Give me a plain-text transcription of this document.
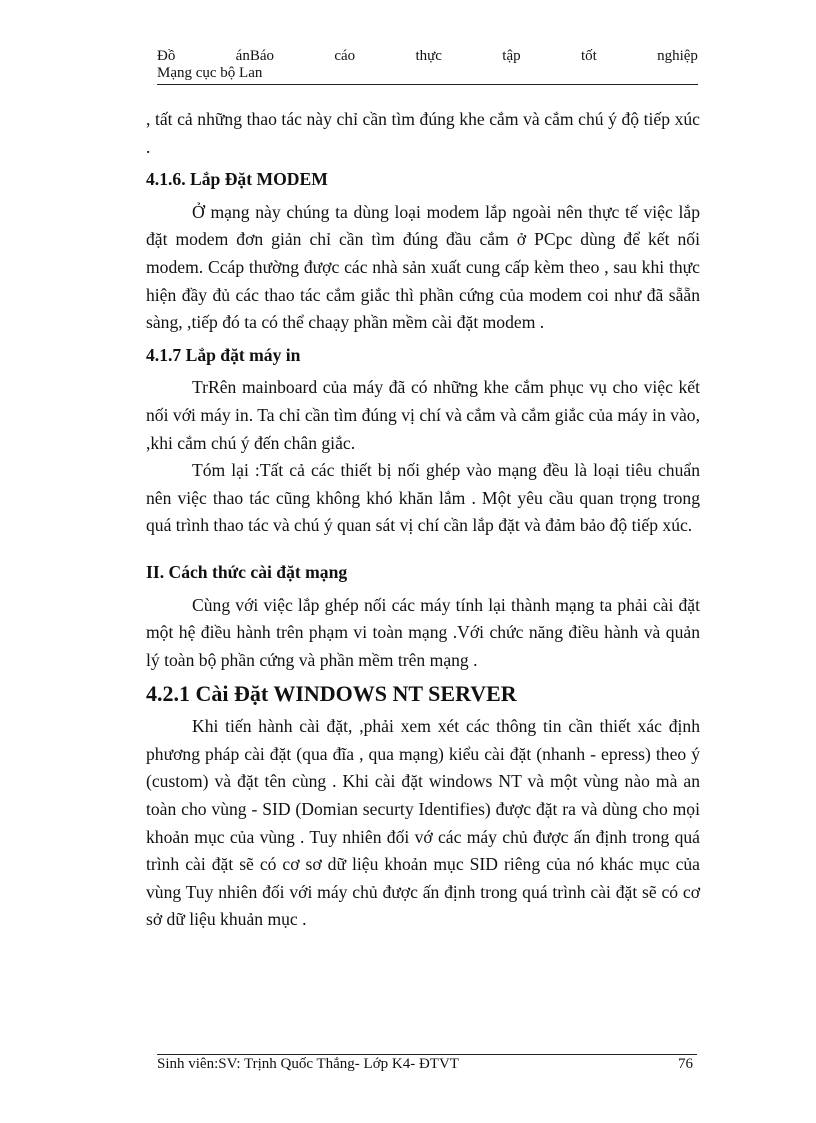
Đồ	ánBáo	cáo	thực	tập	tốt	nghiệp
Mạng cục bộ Lan

, tất cả những thao tác này chỉ cần tìm đúng khe cắm và cắm chú ý độ tiếp xúc .

4.1.6. Lắp Đặt MODEM

Ở mạng này chúng ta dùng loại modem lắp ngoài nên thực tế việc lắp đặt modem đơn giản chỉ cần tìm đúng đầu cắm ở PCpc dùng để kết nối modem. Ccáp thường được các nhà sản xuất cung cấp kèm theo , sau khi thực hiện đầy đủ các thao tác cắm giắc thì phần cứng của modem coi như đã sẵẵn sàng, ,tiếp đó ta có thể chaạy phần mềm cài đặt modem .

4.1.7 Lắp đặt máy in

TrRên mainboard của máy đã có những khe cắm phục vụ cho việc kết nối với máy in. Ta chỉ cần tìm đúng vị chí và cắm và cắm giắc của máy in vào, ,khi cắm chú ý đến chân giắc.

Tóm lại :Tất cả các thiết bị nối ghép vào mạng đều là loại tiêu chuẩn nên việc thao tác cũng không khó khăn lắm . Một yêu cầu quan trọng trong quá trình thao tác và chú ý quan sát vị chí cần lắp đặt và đảm bảo độ tiếp xúc.

II. Cách thức cài đặt mạng

Cùng với việc lắp ghép nối các máy tính lại thành mạng ta phải cài đặt một hệ điều hành trên phạm vi toàn mạng .Với chức năng điều hành và quản lý toàn bộ phần cứng và phần mềm trên mạng .

4.2.1 Cài Đặt WINDOWS NT SERVER

Khi tiến hành cài đặt, ,phải xem xét các thông tin cần thiết xác định phương pháp cài đặt (qua đĩa , qua mạng) kiểu cài đặt (nhanh - epress) theo ý (custom) và đặt tên cùng . Khi cài đặt windows NT và một vùng nào mà an toàn cho vùng - SID (Domian securty Identifies) được đặt ra và dùng cho mọi khoản mục của vùng . Tuy nhiên đối vớ các máy chủ được ấn định trong quá trình cài đặt sẽ có cơ sơ dữ liệu khoản mục SID riêng của nó khác mục của vùng Tuy nhiên đối với máy chủ được ấn định trong quá trình cài đặt sẽ có cơ sở dữ liệu khuản mục .

Sinh viên:SV: Trịnh Quốc Thắng- Lớp K4- ĐTVT	76
